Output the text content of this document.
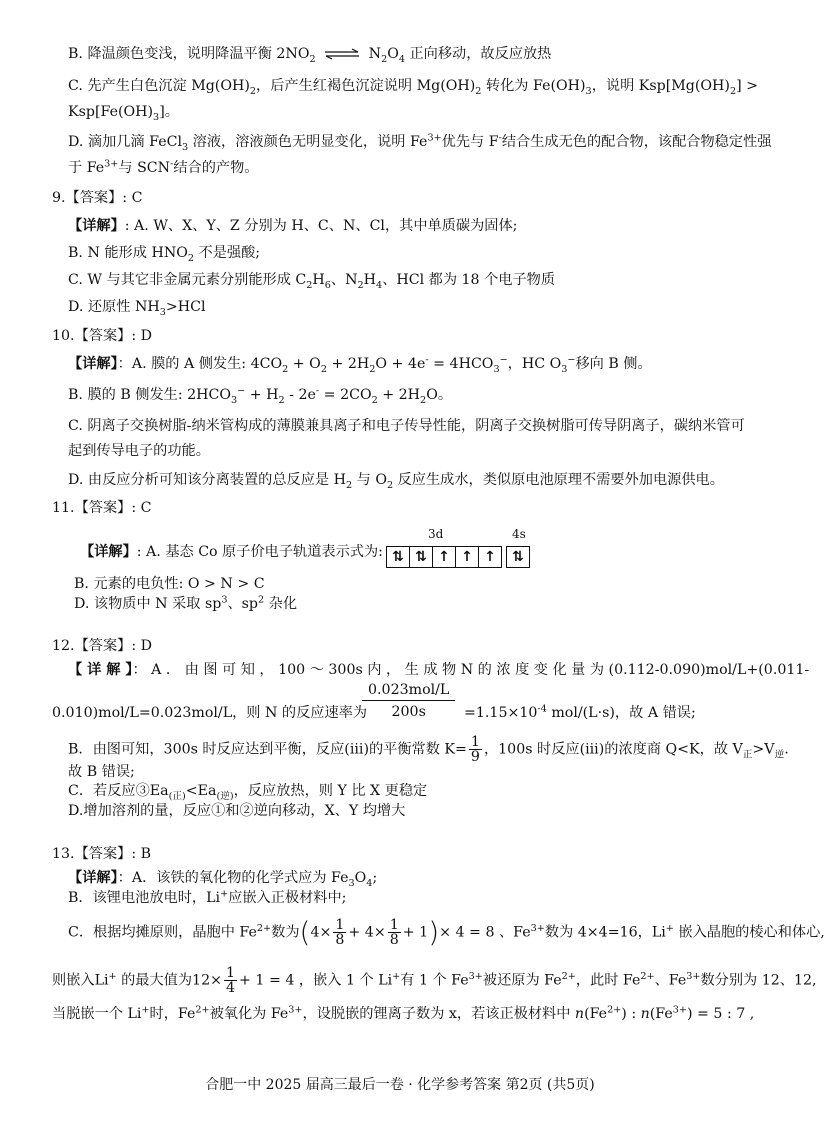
B. 降温颜色变浅，说明降温平衡 $2NO_2$ ⇌ $N_2O_4$ 正向移动，故反应放热
C. 先产生白色沉淀 $Mg(OH)_2$，后产生红褐色沉淀说明 $Mg(OH)_2$ 转化为 $Fe(OH)_3$，说明 $Ksp[Mg(OH)_2]$ >
$Ksp[Fe(OH)_3]$。
D. 滴加几滴 FeCl$_3$ 溶液，溶液颜色无明显变化，说明 $Fe^{3+}$优先与 F-结合生成无色的配合物，该配合物稳定性强
于 $Fe^{3+}$与 SCN-结合的产物。
9.【答案】: C
【详解】: A. W、X、Y、Z 分别为 H、C、N、Cl，其中单质碳为固体;
B. N 能形成 $HNO_2$ 不是强酸;
C. W 与其它非金属元素分别能形成 $C_2H_6$、$N_2H_4$、HCl 都为 18 个电子物质
D. 还原性 $NH_3>HCl$
10.【答案】: D
【详解】：A. 膜的 A 侧发生: $4CO_2 + O_2 + 2H_2O + 4e^- = 4HCO_3^-$，HC $O_3^-$移向 B 侧。
B. 膜的 B 侧发生: $2HCO_3^- + H_2 - 2e^- = 2CO_2 + 2H_2O$。
C. 阴离子交换树脂-纳米管构成的薄膜兼具离子和电子传导性能，阴离子交换树脂可传导阴离子，碳纳米管可
起到传导电子的功能。
D. 由反应分析可知该分离装置的总反应是 $H_2$ 与 $O_2$ 反应生成水，类似原电池原理不需要外加电源供电。
11.【答案】: C
【详解】: A. 基态 Co 原子价电子轨道表示式为:
3d	4s
⇅ ⇅ ↑ ↑ ↑	⇅
B. 元素的电负性: O > N > C
D. 该物质中 N 采取 $sp^3$、$sp^2$ 杂化
12.【答案】: D
【 详 解 】： A ． 由 图 可 知 ， 100 ～ 300s 内 ， 生 成 物 N 的 浓 度 变 化 量 为 (0.112-0.090)mol/L+(0.011-
0.010)mol/L=0.023mol/L，则 N 的反应速率为
0.023mol/L
200s	$=1.15\times 10^{-4}$ mol/(L·s)，故 A 错误;
B．由图可知，300s 时反应达到平衡，反应(iii)的平衡常数 $K= \frac{1}{9}$ ，100s 时反应(iii)的浓度商 Q<K，故 $V_正>V_逆$.
故 B 错误;
C．若反应$③Ea_{(正)}<Ea_{(逆)}$，反应放热，则 Y 比 X 更稳定
D.增加溶剂的量，反应①和②逆向移动，X、Y 均增大
13.【答案】: B
【详解】：A．该铁的氧化物的化学式应为 $Fe_3O_4$;
B．该锂电池放电时，Li+应嵌入正极材料中;
C．根据均摊原则，晶胞中 $Fe^{2+}$数为$(4\times \frac{1}{8} + 4\times \frac{1}{8} + 1)\times 4 = 8$ 、$Fe^{3+}$数为 4×4=16，Li+ 嵌入晶胞的棱心和体心,
则嵌入Li+ 的最大值为$12\times \frac{1}{4} + 1 = 4$ ，嵌入 1 个 Li+有 1 个 $Fe^{3+}$被还原为 $Fe^{2+}$，此时 $Fe^{2+}$、$Fe^{3+}$数分别为 12、12,
当脱嵌一个 Li+时，$Fe^{2+}$被氧化为 $Fe^{3+}$，设脱嵌的锂离子数为 x，若该正极材料中 $n(Fe^{2+})$ : $n(Fe^{3+}) = 5$ : 7 ,
合肥一中 2025 届高三最后一卷 · 化学参考答案 第2页 (共5页)
